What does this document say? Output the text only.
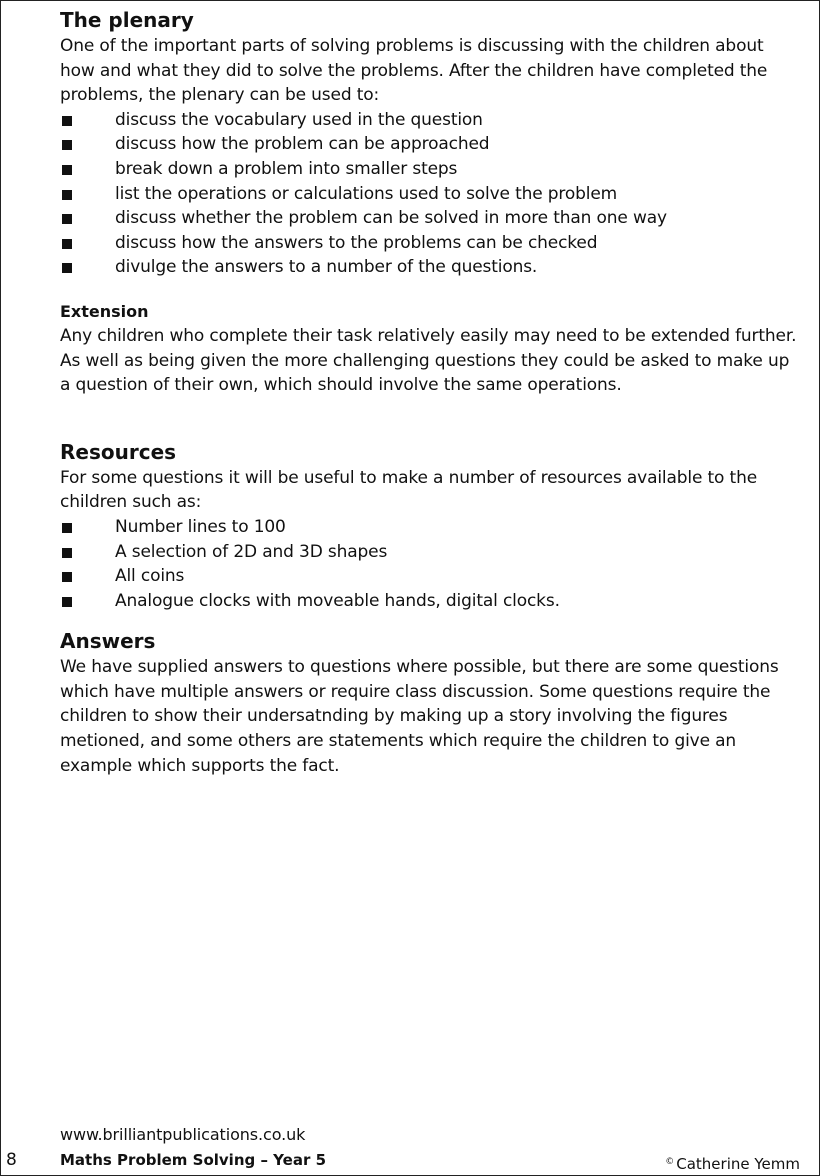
The plenary

One of the important parts of solving problems is discussing with the children about how and what they did to solve the problems. After the children have completed the problems, the plenary can be used to:

discuss the vocabulary used in the question
discuss how the problem can be approached
break down a problem into smaller steps
list the operations or calculations used to solve the problem
discuss whether the problem can be solved in more than one way
discuss how the answers to the problems can be checked
divulge the answers to a number of the questions.
Extension

Any children who complete their task relatively easily may need to be extended further. As well as being given the more challenging questions they could be asked to make up a question of their own, which should involve the same operations.

Resources

For some questions it will be useful to make a number of resources available to the children such as:

Number lines to 100
A selection of 2D and 3D shapes
All coins
Analogue clocks with moveable hands, digital clocks.
Answers

We have supplied answers to questions where possible, but there are some questions which have multiple answers or require class discussion. Some questions require the children to show their undersatnding by making up a story involving the figures metioned, and some others are statements which require the children to give an example which supports the fact.

www.brilliantpublications.co.uk
Maths Problem Solving – Year 5
8	© Catherine Yemm
